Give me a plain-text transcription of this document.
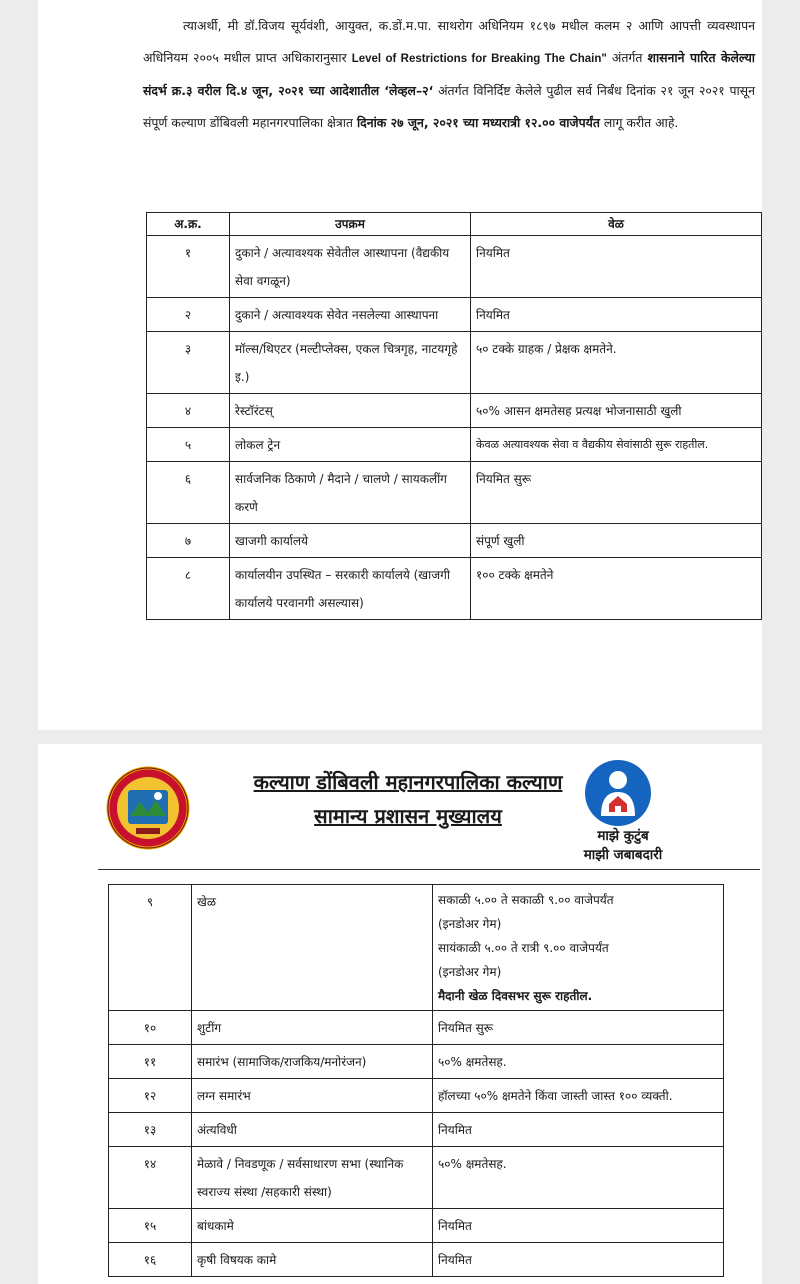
त्याअर्थी, मी डॉ.विजय सूर्यवंशी, आयुक्त, क.डों.म.पा. साथरोग अधिनियम १८९७ मधील कलम २ आणि आपत्ती व्यवस्थापन अधिनियम २००५ मधील प्राप्त अधिकारानुसार Level of Restrictions for Breaking The Chain" अंतर्गत शासनाने पारित केलेल्या संदर्भ क्र.३ वरील दि.४ जून, २०२१ च्या आदेशातील ‘लेव्हल–२‘ अंतर्गत विनिर्दिष्ट केलेले पुढील सर्व निर्बंध दिनांक २१ जून २०२१ पासून संपूर्ण कल्याण डोंबिवली महानगरपालिका क्षेत्रात दिनांक २७ जून, २०२१ च्या मध्यरात्री १२.०० वाजेपर्यंत लागू करीत आहे.
अ.क्र.	उपक्रम	वेळ
१	दुकाने / अत्यावश्यक सेवेतील आस्थापना (वैद्यकीय सेवा वगळून)	नियमित
२	दुकाने / अत्यावश्यक सेवेत नसलेल्या आस्थापना	नियमित
३	मॉल्स/थिएटर (मल्टीप्लेक्स, एकल चित्रगृह, नाटयगृहे इ.)	५० टक्के ग्राहक / प्रेक्षक क्षमतेने.
४	रेस्टॉरंटस्	५०% आसन क्षमतेसह प्रत्यक्ष भोजनासाठी खुली
५	लोकल ट्रेन	केवळ अत्यावश्यक सेवा व वैद्यकीय सेवांसाठी सुरू राहतील.
६	सार्वजनिक ठिकाणे / मैदाने / चालणे / सायकलींग करणे	नियमित सुरू
७	खाजगी कार्यालये	संपूर्ण खुली
८	कार्यालयीन उपस्थित – सरकारी कार्यालये (खाजगी कार्यालये परवानगी असल्यास)	१०० टक्के क्षमतेने
कल्याण डोंबिवली महानगरपालिका कल्याण
सामान्य प्रशासन मुख्यालय
माझे कुटुंब
माझी जबाबदारी
९	खेळ	सकाळी ५.०० ते सकाळी ९.०० वाजेपर्यंत
(इनडोअर गेम)
सायंकाळी ५.०० ते रात्री ९.०० वाजेपर्यंत
(इनडोअर गेम)
मैदानी खेळ दिवसभर सुरू राहतील.

१०	शुटींग	नियमित सुरू
११	समारंभ (सामाजिक/राजकिय/मनोरंजन)	५०% क्षमतेसह.
१२	लग्न समारंभ	हॉलच्या ५०% क्षमतेने किंवा जास्ती जास्त १०० व्यक्ती.
१३	अंत्यविधी	नियमित
१४	मेळावे / निवडणूक / सर्वसाधारण सभा (स्थानिक स्वराज्य संस्था /सहकारी संस्था)	५०% क्षमतेसह.
१५	बांधकामे	नियमित
१६	कृषी विषयक कामे	नियमित
